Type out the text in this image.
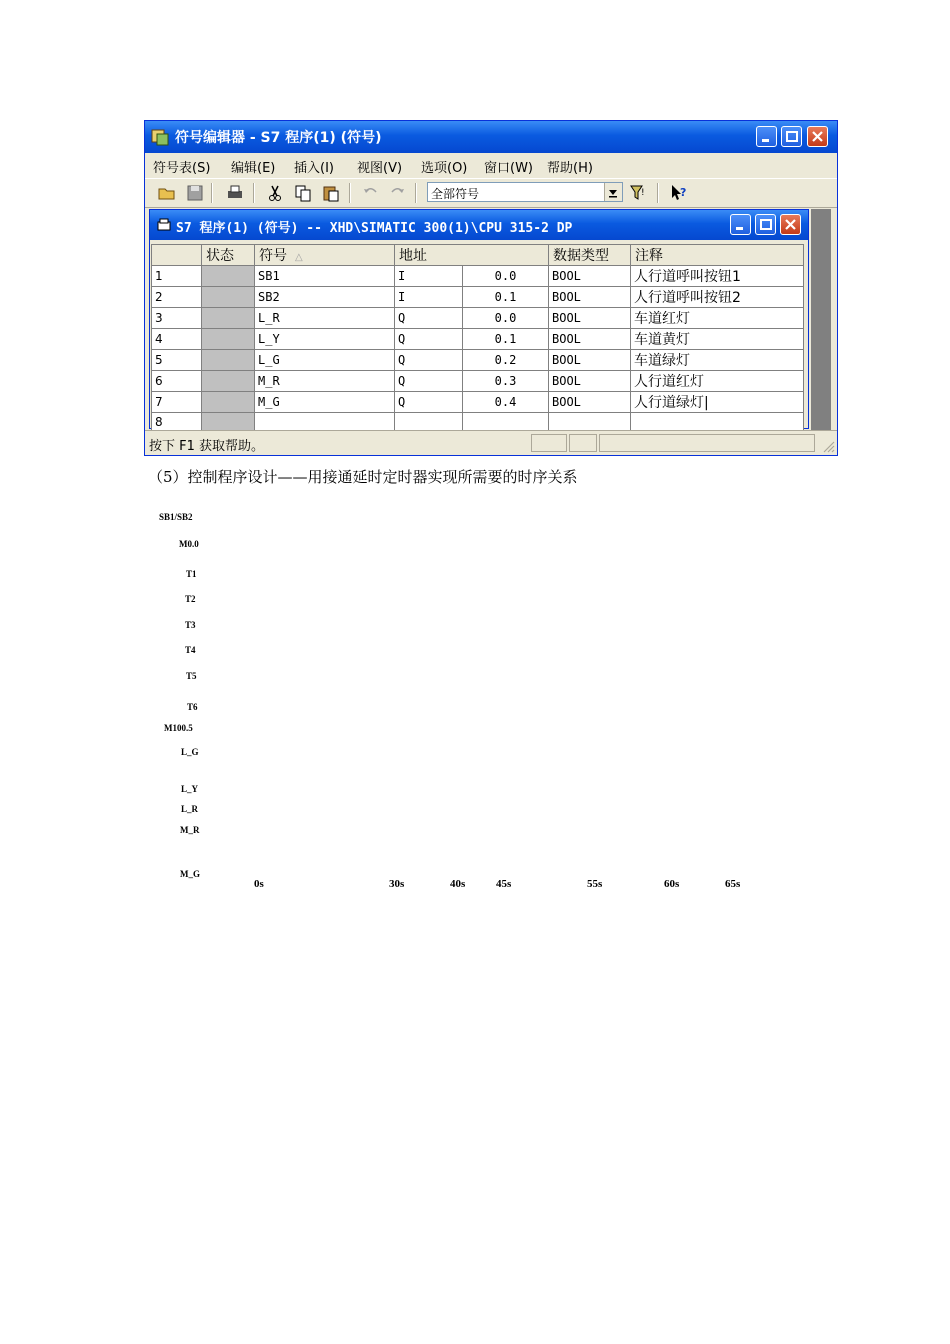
符号编辑器 - S7 程序(1) (符号)
符号表(S) 编辑(E) 插入(I) 视图(V) 选项(O) 窗口(W) 帮助(H)
全部符号	!	?
S7 程序(1) (符号) -- XHD\SIMATIC 300(1)\CPU 315-2 DP
	状态	符号 △	地址		数据类型	注释
1		SB1	I	0.0	BOOL	人行道呼叫按钮1
2		SB2	I	0.1	BOOL	人行道呼叫按钮2
3		L_R	Q	0.0	BOOL	车道红灯
4		L_Y	Q	0.1	BOOL	车道黄灯
5		L_G	Q	0.2	BOOL	车道绿灯
6		M_R	Q	0.3	BOOL	人行道红灯
7		M_G	Q	0.4	BOOL	人行道绿灯|
8						
按下 F1 获取帮助。
（5）控制程序设计——用接通延时定时器实现所需要的时序关系
SB1/SB2
M0.0
T1
T2
T3
T4
T5
T6
M100.5
L_G
L_Y
L_R
M_R
M_G
0s	30s	40s	45s	55s	60s	65s
